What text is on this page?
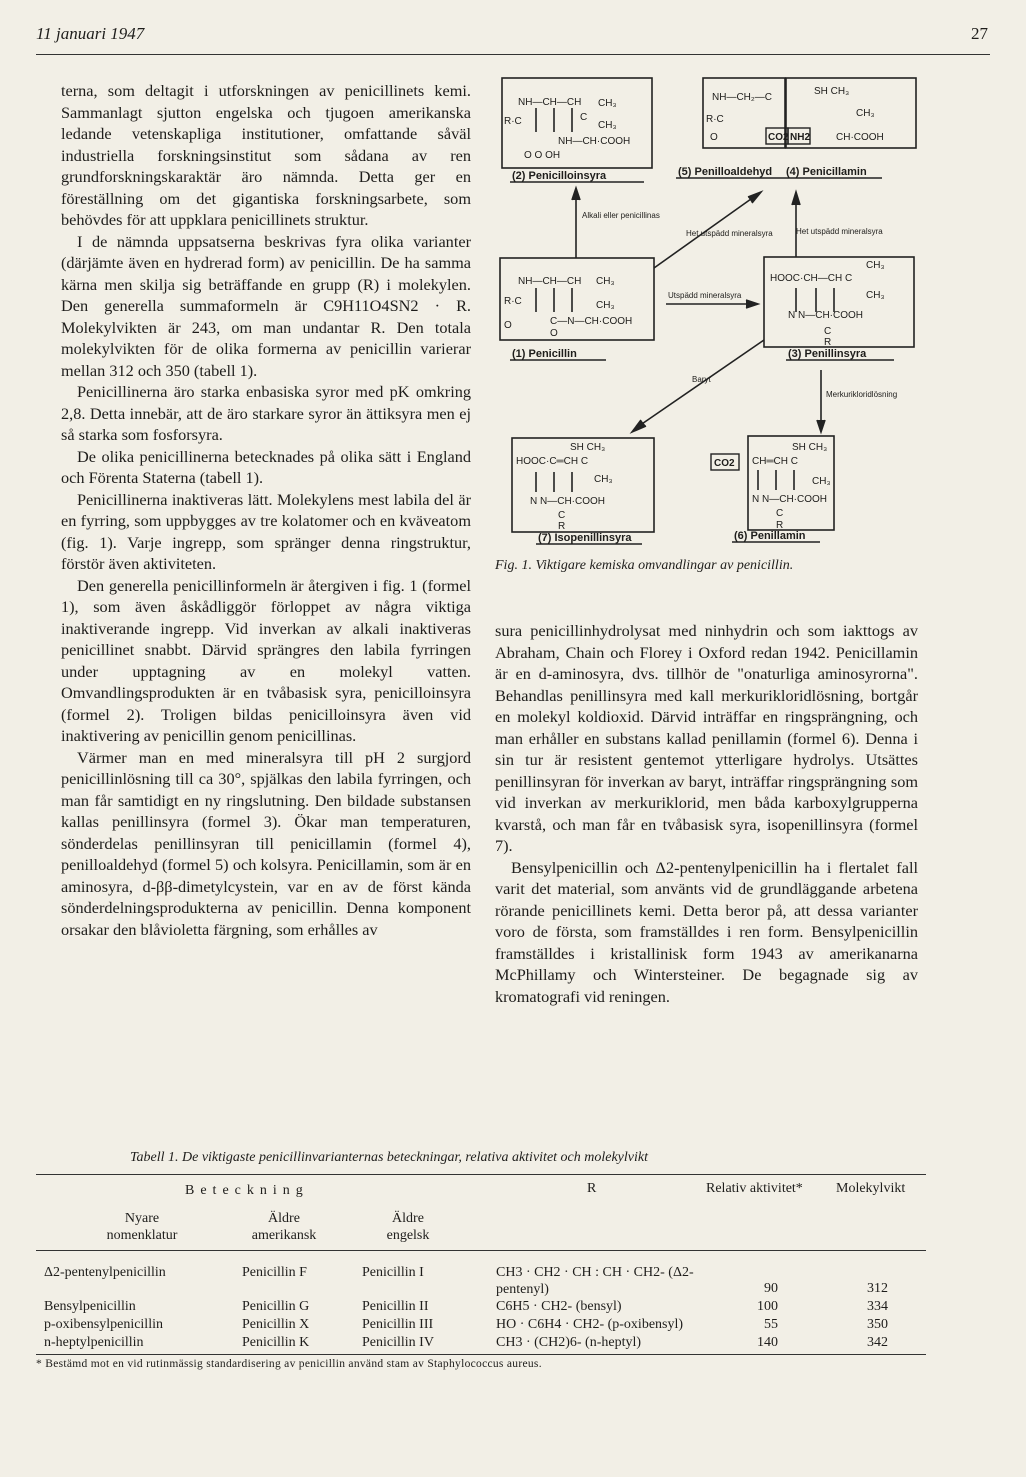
11 januari 1947	27

terna, som deltagit i utforskningen av penicillinets kemi. Sammanlagt sjutton engelska och tjugoen amerikanska ledande vetenskapliga institutioner, omfattande såväl industriella forskningsinstitut som sådana av ren grundforskningskaraktär äro nämnda. Detta ger en föreställning om det gigantiska forskningsarbete, som behövdes för att uppklara penicillinets struktur.

I de nämnda uppsatserna beskrivas fyra olika varianter (därjämte även en hydrerad form) av penicillin. De ha samma kärna men skilja sig beträffande en grupp (R) i molekylen. Den generella summaformeln är C9H11O4SN2 · R. Molekylvikten är 243, om man undantar R. Den totala molekylvikten för de olika formerna av penicillin varierar mellan 312 och 350 (tabell 1).

Penicillinerna äro starka enbasiska syror med pK omkring 2,8. Detta innebär, att de äro starkare syror än ättiksyra men ej så starka som fosforsyra.

De olika penicillinerna betecknades på olika sätt i England och Förenta Staterna (tabell 1).

Penicillinerna inaktiveras lätt. Molekylens mest labila del är en fyrring, som uppbygges av tre kolatomer och en kväveatom (fig. 1). Varje ingrepp, som spränger denna ringstruktur, förstör även aktiviteten.

Den generella penicillinformeln är återgiven i fig. 1 (formel 1), som även åskådliggör förloppet av några viktiga inaktiverande ingrepp. Vid inverkan av alkali inaktiveras penicillinet snabbt. Därvid sprängres den labila fyrringen under upptagning av en molekyl vatten. Omvandlingsprodukten är en tvåbasisk syra, penicilloinsyra (formel 2). Troligen bildas penicilloinsyra även vid inaktivering av penicillin genom penicillinas.

Värmer man en med mineralsyra till pH 2 surgjord penicillinlösning till ca 30°, spjälkas den labila fyrringen, och man får samtidigt en ny ringslutning. Den bildade substansen kallas penillinsyra (formel 3). Ökar man temperaturen, sönderdelas penillinsyran till penicillamin (formel 4), penilloaldehyd (formel 5) och kolsyra. Penicillamin, som är en aminosyra, d-ββ-dimetylcystein, var en av de först kända sönderdelningsprodukterna av penicillin. Denna komponent orsakar den blåvioletta färgning, som erhålles av

NH—CH—CH
R·C	C
CH₃
CH₃
NH—CH·COOH
O O OH
NH—CH₂—C
R·C
O
SH CH₃
CH₃
CH·COOH
NH—CH—CH
R·C
CH₃
CH₃
C—N—CH·COOH
O
O
HOOC·CH—CH C
CH₃
CH₃
N N—CH·COOH
C
R
HOOC·C═CH C
SH CH₃
CH₃
N N—CH·COOH
C
R
CH═CH C
SH CH₃
CH₃
N N—CH·COOH
C
R
(2) Penicilloinsyra	(5) Penilloaldehyd (4) Penicillamin
(1) Penicillin	(3) Penillinsyra
(7) Isopenillinsyra	(6) Penillamin
Alkali eller penicillinas
Het utspädd mineralsyra	Het utspädd mineralsyra
Utspädd mineralsyra
Baryt
Merkurikloridlösning
CO2
CO2 NH2
Fig. 1. Viktigare kemiska omvandlingar av penicillin.

sura penicillinhydrolysat med ninhydrin och som iakttogs av Abraham, Chain och Florey i Oxford redan 1942. Penicillamin är en d-aminosyra, dvs. tillhör de "onaturliga aminosyrorna". Behandlas penillinsyra med kall merkurikloridlösning, bortgår en molekyl koldioxid. Därvid inträffar en ringsprängning, och man erhåller en substans kallad penillamin (formel 6). Denna i sin tur är resistent gentemot ytterligare hydrolys. Utsättes penillinsyran för inverkan av baryt, inträffar ringsprängning som vid inverkan av merkuriklorid, men båda karboxylgrupperna kvarstå, och man får en tvåbasisk syra, isopenillinsyra (formel 7).

Bensylpenicillin och Δ2-pentenylpenicillin ha i flertalet fall varit det material, som använts vid de grundläggande arbetena rörande penicillinets kemi. Detta beror på, att dessa varianter voro de första, som framställdes i ren form. Bensylpenicillin framställdes i kristallinisk form 1943 av amerikanarna McPhillamy och Wintersteiner. De begagnade sig av kromatografi vid reningen.

Tabell 1. De viktigaste penicillinvarianternas beteckningar, relativa aktivitet och molekylvikt
Beteckning	R	Relativ aktivitet* Molekylvikt
Nyare nomenklatur
Äldre amerikansk
Äldre engelsk
Δ2-pentenylpenicillin	Penicillin F	Penicillin I	CH3 · CH2 · CH : CH · CH2- (Δ2-pentenyl)	90	312
Bensylpenicillin	Penicillin G	Penicillin II	C6H5 · CH2- (bensyl)	100	334
p-oxibensylpenicillin	Penicillin X	Penicillin III	HO · C6H4 · CH2- (p-oxibensyl)	55	350
n-heptylpenicillin	Penicillin K	Penicillin IV	CH3 · (CH2)6- (n-heptyl)	140	342
* Bestämd mot en vid rutinmässig standardisering av penicillin använd stam av Staphylococcus aureus.
